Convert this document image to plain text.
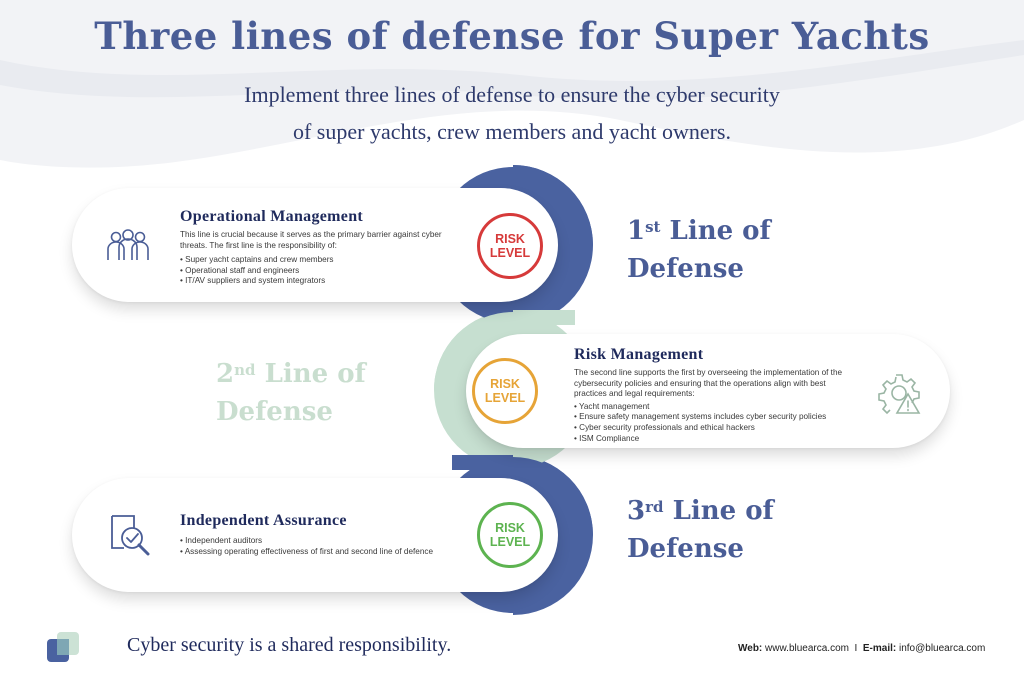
Three lines of defense for Super Yachts
Implement three lines of defense to ensure the cyber security
of super yachts, crew members and yacht owners.
Operational Management
This line is crucial because it serves as the primary barrier against cyber threats. The first line is the responsibility of:
• Super yacht captains and crew members
• Operational staff and engineers
• IT/AV suppliers and system integrators
RISK
LEVEL
1st Line of
Defense
Risk Management
The second line supports the first by overseeing the implementation of the cybersecurity policies and ensuring that the operations align with best practices and legal requirements:
• Yacht management
• Ensure safety management systems includes cyber security policies
• Cyber security professionals and ethical hackers
• ISM Compliance
RISK
LEVEL
2nd Line of
Defense
Independent Assurance
• Independent auditors
• Assessing operating effectiveness of first and second line of defence
RISK
LEVEL
3rd Line of
Defense
Cyber security is a shared responsibility.	Web: www.bluearca.com I E-mail: info@bluearca.com
